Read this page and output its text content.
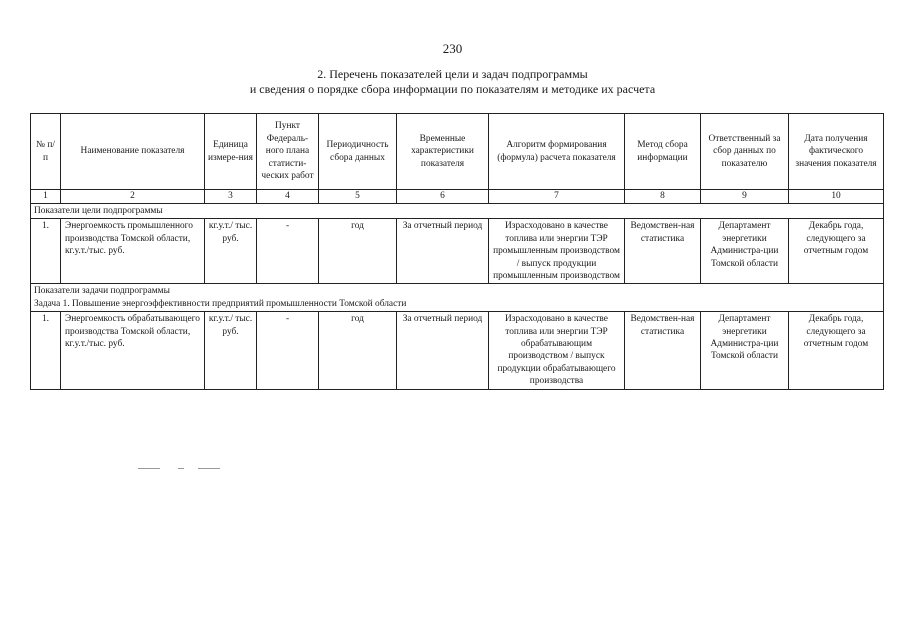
230
2. Перечень показателей цели и задач подпрограммы
и сведения о порядке сбора информации по показателям и методике их расчета
№ п/п	Наименование показателя	Единица измере-ния	Пункт Федераль-ного плана статисти-ческих работ	Периодичность сбора данных	Временные характеристики показателя	Алгоритм формирования (формула) расчета показателя	Метод сбора информации	Ответственный за сбор данных по показателю	Дата получения фактического значения показателя
1	2	3	4	5	6	7	8	9	10
Показатели цели подпрограммы									
1.	Энергоемкость промышленного производства Томской области, кг.у.т./тыс. руб.	кг.у.т./ тыс. руб.	-	год	За отчетный период	Израсходовано в качестве топлива или энергии ТЭР промышленным производством / выпуск продукции промышленным производством	Ведомствен-ная статистика	Департамент энергетики Администра-ции Томской области	Декабрь года, следующего за отчетным годом

Показатели задачи подпрограммы
Задача 1. Повышение энергоэффективности предприятий промышленности Томской области									

1.	Энергоемкость обрабатывающего производства Томской области, кг.у.т./тыс. руб.	кг.у.т./ тыс. руб.	-	год	За отчетный период	Израсходовано в качестве топлива или энергии ТЭР обрабатывающим производством / выпуск продукции обрабатывающего производства	Ведомствен-ная статистика	Департамент энергетики Администра-ции Томской области	Декабрь года, следующего за отчетным годом
